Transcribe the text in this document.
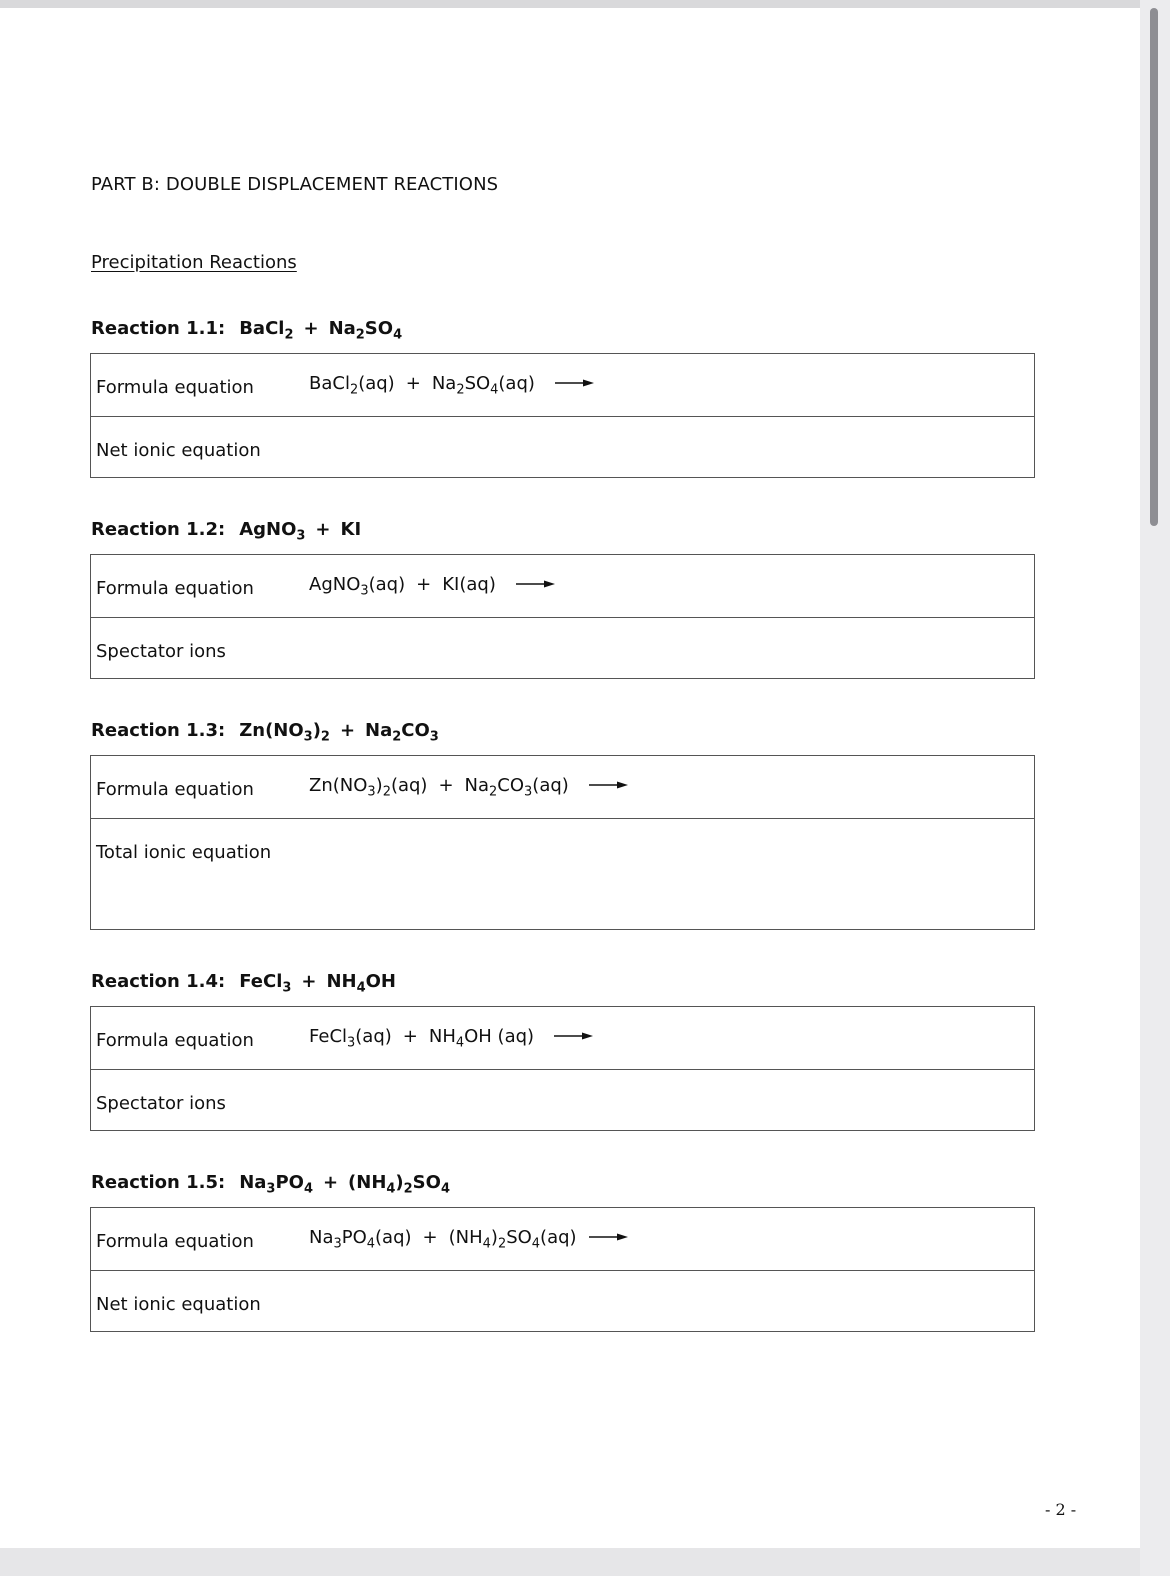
PART B: DOUBLE DISPLACEMENT REACTIONS
Precipitation Reactions
Reaction 1.1: BaCl$_2$ + $Na_2SO_4$
Formula equation	BaCl$_2$(aq) + $Na_2SO_4(aq)$
Net ionic equation
Reaction 1.2: AgNO$_3$ + KI
Formula equation	AgNO$_3$(aq) + KI(aq)
Spectator ions
Reaction 1.3: $Zn(NO_3)_2 + Na_2CO_3$
Formula equation	$Zn(NO_3)_2(aq) + Na_2CO_3(aq)$
Total ionic equation
Reaction 1.4: FeCl$_3$ + $NH_4OH$
Formula equation	FeCl$_3$(aq) + $NH_4OH$ (aq)
Spectator ions
Reaction 1.5: $Na_3PO_4 + (NH_4)_2SO_4$
Formula equation	$Na_3PO_4(aq) + (NH_4)_2SO_4(aq)$
Net ionic equation
- 2 -
